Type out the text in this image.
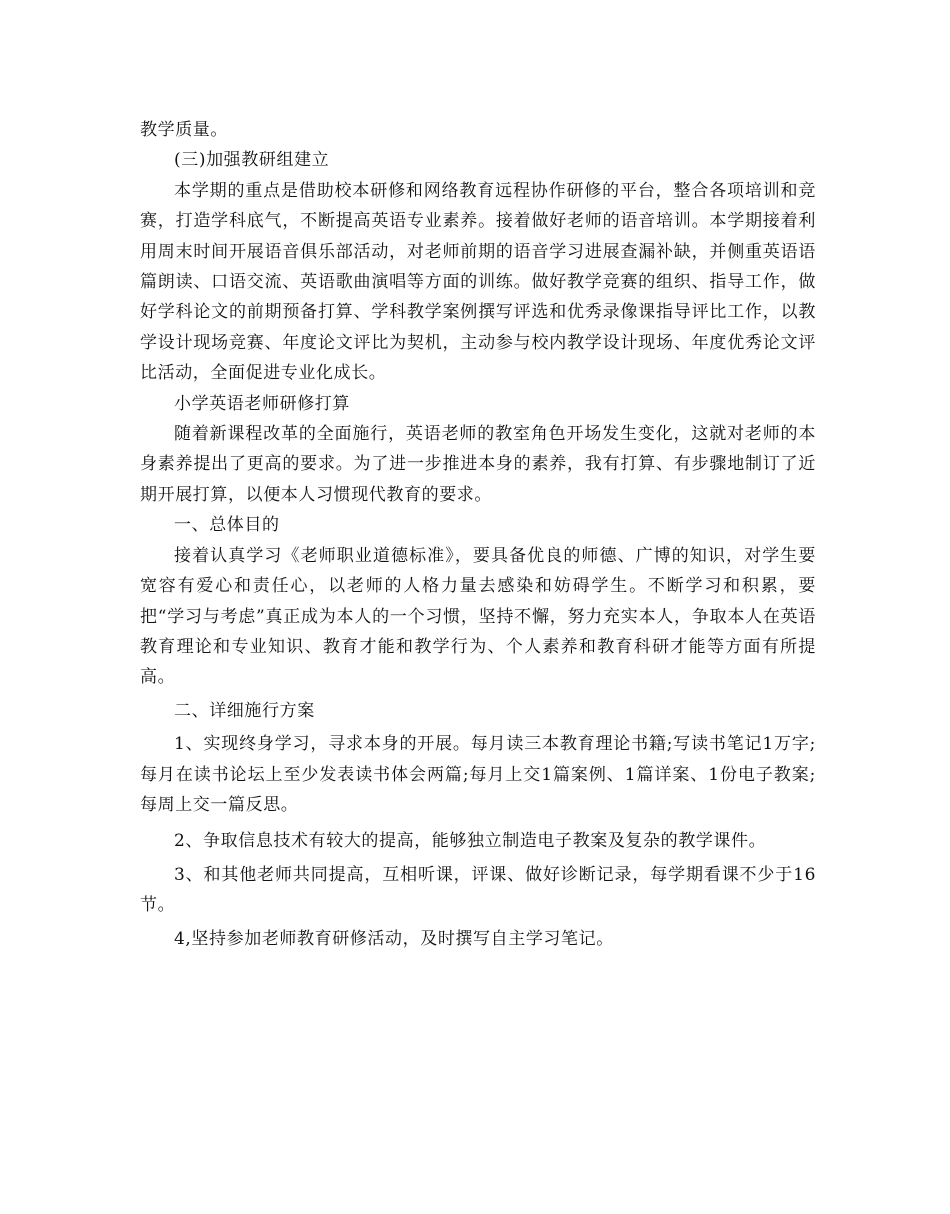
教学质量。

(三)加强教研组建立

本学期的重点是借助校本研修和网络教育远程协作研修的平台，整合各项培训和竞赛，打造学科底气，不断提高英语专业素养。接着做好老师的语音培训。本学期接着利用周末时间开展语音俱乐部活动，对老师前期的语音学习进展查漏补缺，并侧重英语语篇朗读、口语交流、英语歌曲演唱等方面的训练。做好教学竞赛的组织、指导工作，做好学科论文的前期预备打算、学科教学案例撰写评选和优秀录像课指导评比工作，以教学设计现场竞赛、年度论文评比为契机，主动参与校内教学设计现场、年度优秀论文评比活动，全面促进专业化成长。

小学英语老师研修打算

随着新课程改革的全面施行，英语老师的教室角色开场发生变化，这就对老师的本身素养提出了更高的要求。为了进一步推进本身的素养，我有打算、有步骤地制订了近期开展打算，以便本人习惯现代教育的要求。

一、总体目的

接着认真学习《老师职业道德标准》，要具备优良的师德、广博的知识，对学生要宽容有爱心和责任心，以老师的人格力量去感染和妨碍学生。不断学习和积累，要把“学习与考虑”真正成为本人的一个习惯，坚持不懈，努力充实本人，争取本人在英语教育理论和专业知识、教育才能和教学行为、个人素养和教育科研才能等方面有所提高。

二、详细施行方案

1、实现终身学习，寻求本身的开展。每月读三本教育理论书籍;写读书笔记1万字;每月在读书论坛上至少发表读书体会两篇;每月上交1篇案例、1篇详案、1份电子教案;每周上交一篇反思。

2、争取信息技术有较大的提高，能够独立制造电子教案及复杂的教学课件。

3、和其他老师共同提高，互相听课，评课、做好诊断记录，每学期看课不少于16节。

4,坚持参加老师教育研修活动，及时撰写自主学习笔记。
